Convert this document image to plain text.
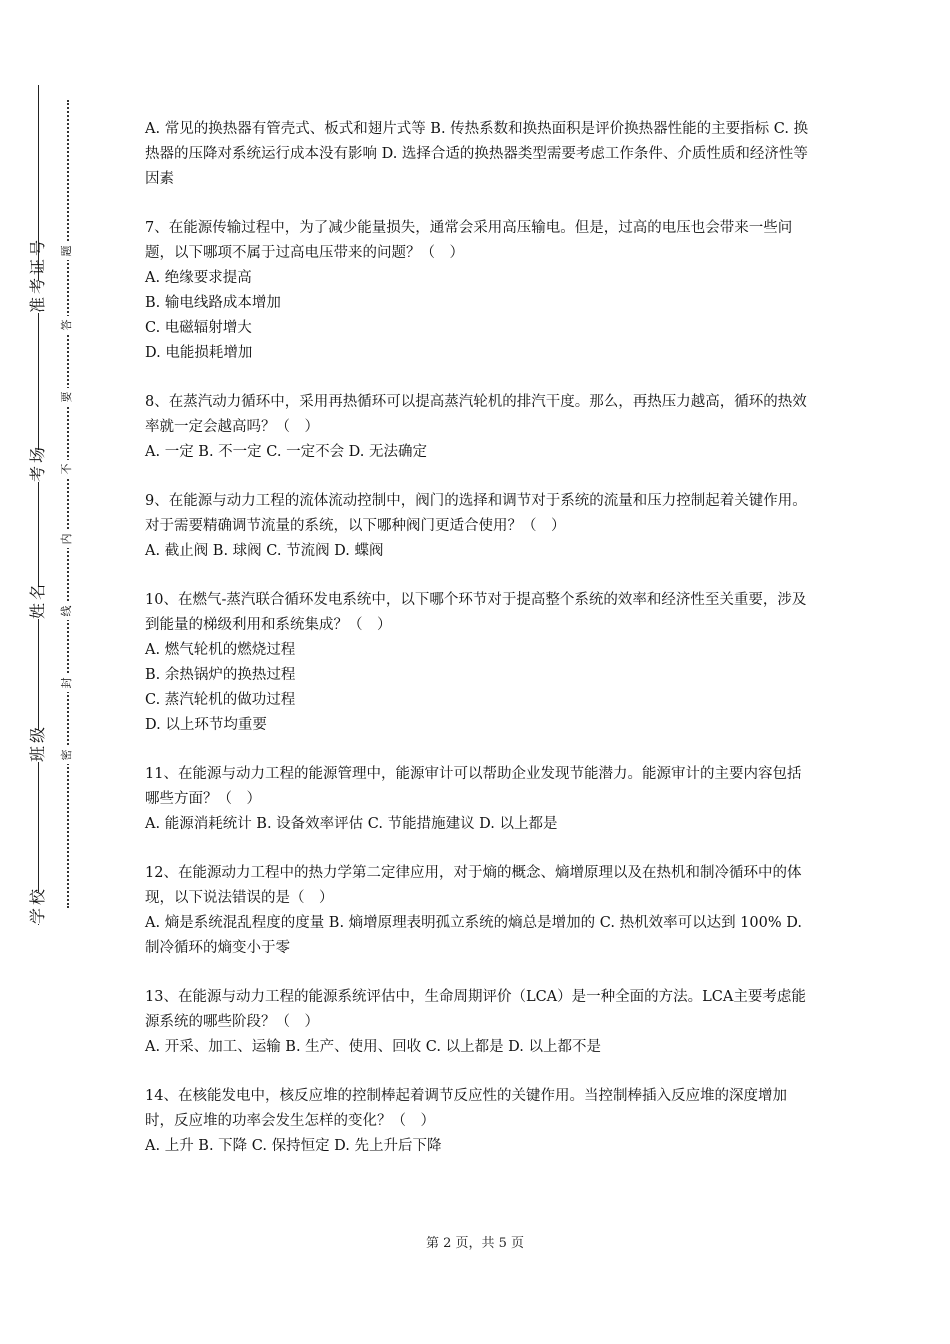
准考证号
考场
姓名
班级
学校
题
答
要
不
内
线
封
密

A. 常见的换热器有管壳式、板式和翅片式等 B. 传热系数和换热面积是评价换热器性能的主要指标 C. 换热器的压降对系统运行成本没有影响 D. 选择合适的换热器类型需要考虑工作条件、介质性质和经济性等因素

7、在能源传输过程中，为了减少能量损失，通常会采用高压输电。但是，过高的电压也会带来一些问题，以下哪项不属于过高电压带来的问题？（　）

A. 绝缘要求提高

B. 输电线路成本增加

C. 电磁辐射增大

D. 电能损耗增加

8、在蒸汽动力循环中，采用再热循环可以提高蒸汽轮机的排汽干度。那么，再热压力越高，循环的热效率就一定会越高吗？（　）

A. 一定 B. 不一定 C. 一定不会 D. 无法确定

9、在能源与动力工程的流体流动控制中，阀门的选择和调节对于系统的流量和压力控制起着关键作用。对于需要精确调节流量的系统，以下哪种阀门更适合使用？（　）

A. 截止阀 B. 球阀 C. 节流阀 D. 蝶阀

10、在燃气-蒸汽联合循环发电系统中，以下哪个环节对于提高整个系统的效率和经济性至关重要，涉及到能量的梯级利用和系统集成？（　）

A. 燃气轮机的燃烧过程

B. 余热锅炉的换热过程

C. 蒸汽轮机的做功过程

D. 以上环节均重要

11、在能源与动力工程的能源管理中，能源审计可以帮助企业发现节能潜力。能源审计的主要内容包括哪些方面？（　）

A. 能源消耗统计 B. 设备效率评估 C. 节能措施建议 D. 以上都是

12、在能源动力工程中的热力学第二定律应用，对于熵的概念、熵增原理以及在热机和制冷循环中的体现，以下说法错误的是（　）

A. 熵是系统混乱程度的度量 B. 熵增原理表明孤立系统的熵总是增加的 C. 热机效率可以达到 100% D. 制冷循环的熵变小于零

13、在能源与动力工程的能源系统评估中，生命周期评价（LCA）是一种全面的方法。LCA主要考虑能源系统的哪些阶段？（　）

A. 开采、加工、运输 B. 生产、使用、回收 C. 以上都是 D. 以上都不是

14、在核能发电中，核反应堆的控制棒起着调节反应性的关键作用。当控制棒插入反应堆的深度增加时，反应堆的功率会发生怎样的变化？（　）

A. 上升 B. 下降 C. 保持恒定 D. 先上升后下降

第 2 页，共 5 页
